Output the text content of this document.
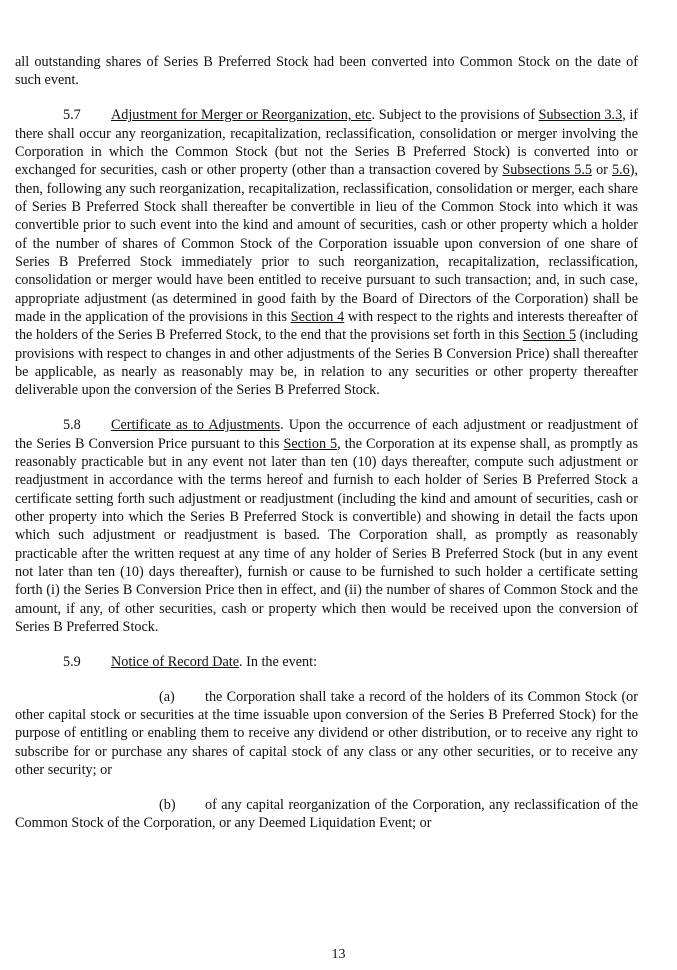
all outstanding shares of Series B Preferred Stock had been converted into Common Stock on the date of such event.

5.7 Adjustment for Merger or Reorganization, etc. Subject to the provisions of Subsection 3.3, if there shall occur any reorganization, recapitalization, reclassification, consolidation or merger involving the Corporation in which the Common Stock (but not the Series B Preferred Stock) is converted into or exchanged for securities, cash or other property (other than a transaction covered by Subsections 5.5 or 5.6), then, following any such reorganization, recapitalization, reclassification, consolidation or merger, each share of Series B Preferred Stock shall thereafter be convertible in lieu of the Common Stock into which it was convertible prior to such event into the kind and amount of securities, cash or other property which a holder of the number of shares of Common Stock of the Corporation issuable upon conversion of one share of Series B Preferred Stock immediately prior to such reorganization, recapitalization, reclassification, consolidation or merger would have been entitled to receive pursuant to such transaction; and, in such case, appropriate adjustment (as determined in good faith by the Board of Directors of the Corporation) shall be made in the application of the provisions in this Section 4 with respect to the rights and interests thereafter of the holders of the Series B Preferred Stock, to the end that the provisions set forth in this Section 5 (including provisions with respect to changes in and other adjustments of the Series B Conversion Price) shall thereafter be applicable, as nearly as reasonably may be, in relation to any securities or other property thereafter deliverable upon the conversion of the Series B Preferred Stock.

5.8 Certificate as to Adjustments. Upon the occurrence of each adjustment or readjustment of the Series B Conversion Price pursuant to this Section 5, the Corporation at its expense shall, as promptly as reasonably practicable but in any event not later than ten (10) days thereafter, compute such adjustment or readjustment in accordance with the terms hereof and furnish to each holder of Series B Preferred Stock a certificate setting forth such adjustment or readjustment (including the kind and amount of securities, cash or other property into which the Series B Preferred Stock is convertible) and showing in detail the facts upon which such adjustment or readjustment is based. The Corporation shall, as promptly as reasonably practicable after the written request at any time of any holder of Series B Preferred Stock (but in any event not later than ten (10) days thereafter), furnish or cause to be furnished to such holder a certificate setting forth (i) the Series B Conversion Price then in effect, and (ii) the number of shares of Common Stock and the amount, if any, of other securities, cash or property which then would be received upon the conversion of Series B Preferred Stock.

5.9 Notice of Record Date. In the event:

(a) the Corporation shall take a record of the holders of its Common Stock (or other capital stock or securities at the time issuable upon conversion of the Series B Preferred Stock) for the purpose of entitling or enabling them to receive any dividend or other distribution, or to receive any right to subscribe for or purchase any shares of capital stock of any class or any other securities, or to receive any other security; or

(b) of any capital reorganization of the Corporation, any reclassification of the Common Stock of the Corporation, or any Deemed Liquidation Event; or

13
